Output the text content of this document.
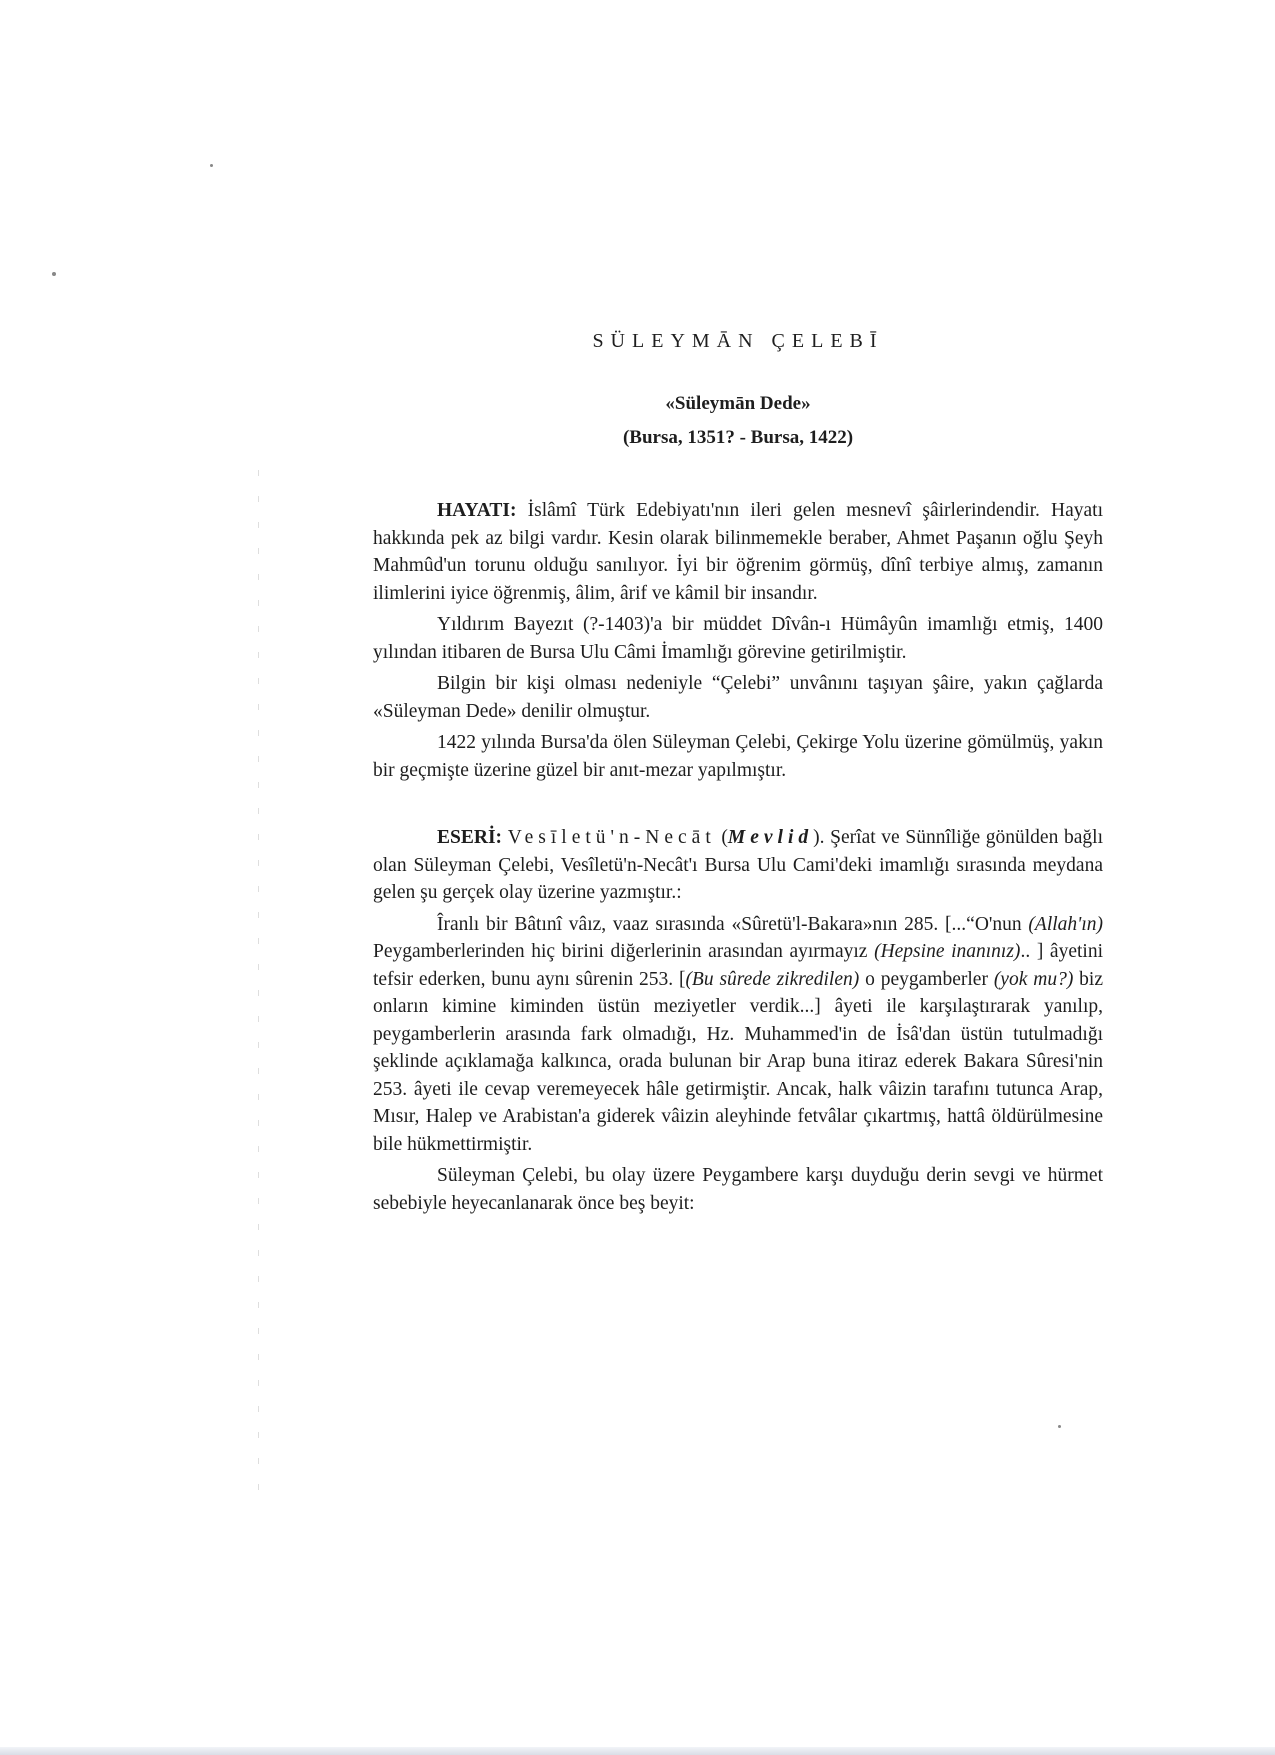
SÜLEYMĀN ÇELEBĪ
«Süleymān Dede»
(Bursa, 1351? - Bursa, 1422)

HAYATI: İslâmî Türk Edebiyatı'nın ileri gelen mesnevî şâirlerindendir. Hayatı hakkında pek az bilgi vardır. Kesin olarak bilinmemekle beraber, Ahmet Paşanın oğlu Şeyh Mahmûd'un torunu olduğu sanılıyor. İyi bir öğrenim görmüş, dînî terbiye almış, zamanın ilimlerini iyice öğrenmiş, âlim, ârif ve kâmil bir insandır.

Yıldırım Bayezıt (?-1403)'a bir müddet Dîvân-ı Hümâyûn imamlığı etmiş, 1400 yılından itibaren de Bursa Ulu Câmi İmamlığı görevine getirilmiştir.

Bilgin bir kişi olması nedeniyle “Çelebi” unvânını taşıyan şâire, yakın çağlarda «Süleyman Dede» denilir olmuştur.

1422 yılında Bursa'da ölen Süleyman Çelebi, Çekirge Yolu üzerine gömülmüş, yakın bir geçmişte üzerine güzel bir anıt-mezar yapılmıştır.

ESERİ: Vesīletü'n-Necāt (Mevlid). Şerîat ve Sünnîliğe gönülden bağlı olan Süleyman Çelebi, Vesîletü'n-Necât'ı Bursa Ulu Cami'deki imamlığı sırasında meydana gelen şu gerçek olay üzerine yazmıştır.:

Îranlı bir Bâtınî vâız, vaaz sırasında «Sûretü'l-Bakara»nın 285. [...“O'nun (Allah'ın) Peygamberlerinden hiç birini diğerlerinin arasından ayırmayız (Hepsine inanınız).. ] âyetini tefsir ederken, bunu aynı sûrenin 253. [(Bu sûrede zikredilen) o peygamberler (yok mu?) biz onların kimine kiminden üstün meziyetler verdik...] âyeti ile karşılaştırarak yanılıp, peygamberlerin arasında fark olmadığı, Hz. Muhammed'in de İsâ'dan üstün tutulmadığı şeklinde açıklamağa kalkınca, orada bulunan bir Arap buna itiraz ederek Bakara Sûresi'nin 253. âyeti ile cevap veremeyecek hâle getirmiştir. Ancak, halk vâizin tarafını tutunca Arap, Mısır, Halep ve Arabistan'a giderek vâizin aleyhinde fetvâlar çıkartmış, hattâ öldürülmesine bile hükmettirmiştir.

Süleyman Çelebi, bu olay üzere Peygambere karşı duyduğu derin sevgi ve hürmet sebebiyle heyecanlanarak önce beş beyit:
